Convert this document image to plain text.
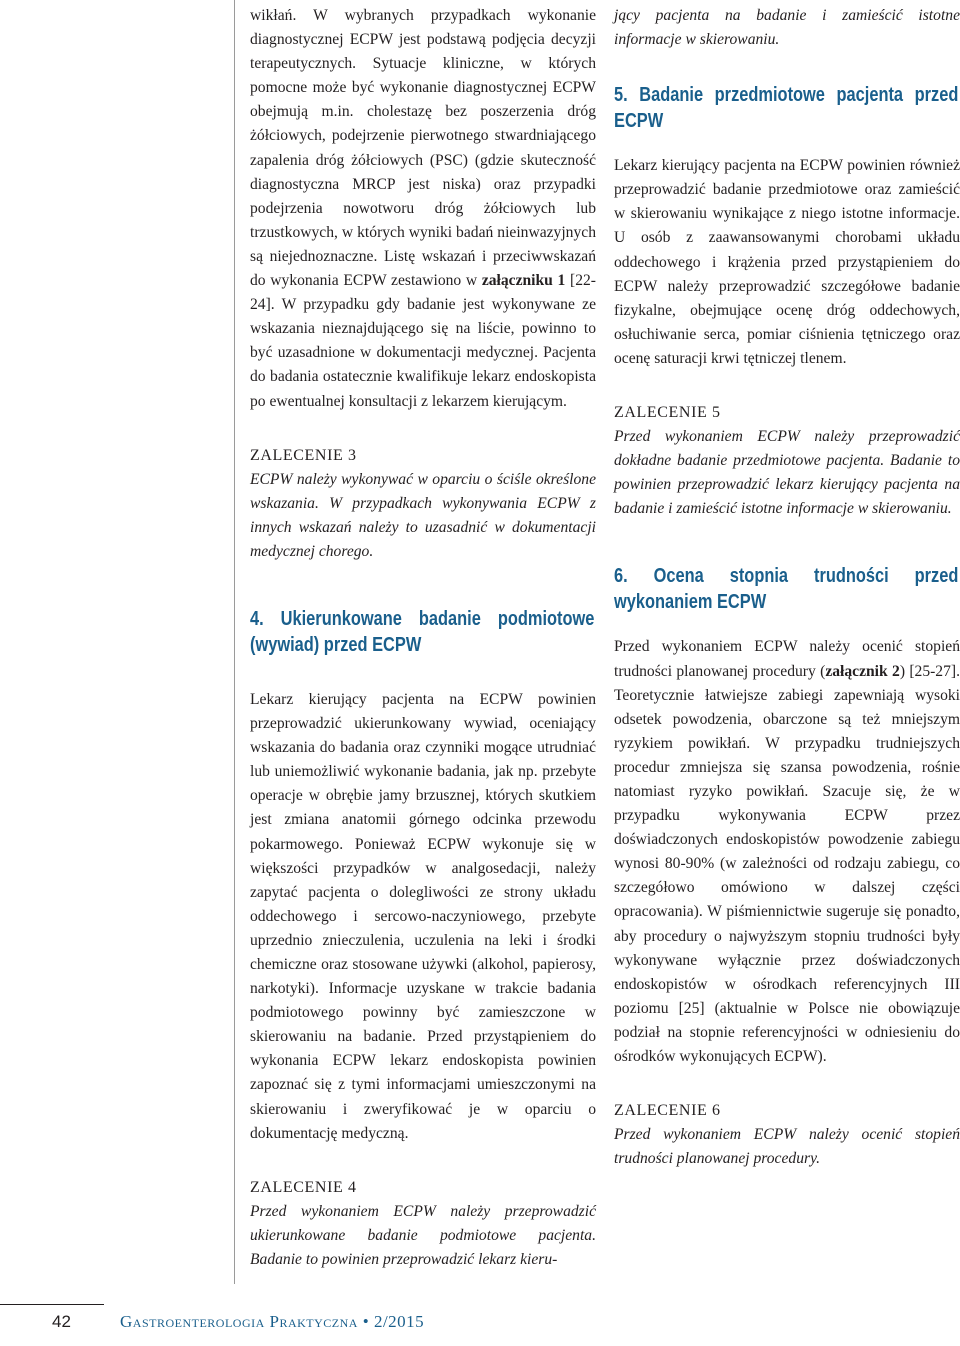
wikłań. W wybranych przypadkach wykonanie diagnostycznej ECPW jest podstawą podjęcia decyzji terapeutycznych. Sytuacje kliniczne, w których pomocne może być wykonanie diagnostycznej ECPW obejmują m.in. cholestazę bez poszerzenia dróg żółciowych, podejrzenie pierwotnego stwardniającego zapalenia dróg żółciowych (PSC) (gdzie skuteczność diagnostyczna MRCP jest niska) oraz przypadki podejrzenia nowotworu dróg żółciowych lub trzustkowych, w których wyniki badań nieinwazyjnych są niejednoznaczne. Listę wskazań i przeciwwskazań do wykonania ECPW zestawiono w załączniku 1 [22-24]. W przypadku gdy badanie jest wykonywane ze wskazania nieznajdującego się na liście, powinno to być uzasadnione w dokumentacji medycznej. Pacjenta do badania ostatecznie kwalifikuje lekarz endoskopista po ewentualnej konsultacji z lekarzem kierującym.

ZALECENIE 3

ECPW należy wykonywać w oparciu o ściśle określone wskazania. W przypadkach wykonywania ECPW z innych wskazań należy to uzasadnić w dokumentacji medycznej chorego.

4. Ukierunkowane badanie podmiotowe (wywiad) przed ECPW

Lekarz kierujący pacjenta na ECPW powinien przeprowadzić ukierunkowany wywiad, oceniający wskazania do badania oraz czynniki mogące utrudniać lub uniemożliwić wykonanie badania, jak np. przebyte operacje w obrębie jamy brzusznej, których skutkiem jest zmiana anatomii górnego odcinka przewodu pokarmowego. Ponieważ ECPW wykonuje się w większości przypadków w analgosedacji, należy zapytać pacjenta o dolegliwości ze strony układu oddechowego i sercowo-naczyniowego, przebyte uprzednio znieczulenia, uczulenia na leki i środki chemiczne oraz stosowane używki (alkohol, papierosy, narkotyki). Informacje uzyskane w trakcie badania podmiotowego powinny być zamieszczone w skierowaniu na badanie. Przed przystąpieniem do wykonania ECPW lekarz endoskopista powinien zapoznać się z tymi informacjami umieszczonymi na skierowaniu i zweryfikować je w oparciu o dokumentację medyczną.

ZALECENIE 4

Przed wykonaniem ECPW należy przeprowadzić ukierunkowane badanie podmiotowe pacjenta. Badanie to powinien przeprowadzić lekarz kieru-

jący pacjenta na badanie i zamieścić istotne informacje w skierowaniu.

5. Badanie przedmiotowe pacjenta przed ECPW

Lekarz kierujący pacjenta na ECPW powinien również przeprowadzić badanie przedmiotowe oraz zamieścić w skierowaniu wynikające z niego istotne informacje. U osób z zaawansowanymi chorobami układu oddechowego i krążenia przed przystąpieniem do ECPW należy przeprowadzić szczegółowe badanie fizykalne, obejmujące ocenę dróg oddechowych, osłuchiwanie serca, pomiar ciśnienia tętniczego oraz ocenę saturacji krwi tętniczej tlenem.

ZALECENIE 5

Przed wykonaniem ECPW należy przeprowadzić dokładne badanie przedmiotowe pacjenta. Badanie to powinien przeprowadzić lekarz kierujący pacjenta na badanie i zamieścić istotne informacje w skierowaniu.

6. Ocena stopnia trudności przed wykonaniem ECPW

Przed wykonaniem ECPW należy ocenić stopień trudności planowanej procedury (załącznik 2) [25-27]. Teoretycznie łatwiejsze zabiegi zapewniają wysoki odsetek powodzenia, obarczone są też mniejszym ryzykiem powikłań. W przypadku trudniejszych procedur zmniejsza się szansa powodzenia, rośnie natomiast ryzyko powikłań. Szacuje się, że w przypadku wykonywania ECPW przez doświadczonych endoskopistów powodzenie zabiegu wynosi 80-90% (w zależności od rodzaju zabiegu, co szczegółowo omówiono w dalszej części opracowania). W piśmiennictwie sugeruje się ponadto, aby procedury o najwyższym stopniu trudności były wykonywane wyłącznie przez doświadczonych endoskopistów w ośrodkach referencyjnych III poziomu [25] (aktualnie w Polsce nie obowiązuje podział na stopnie referencyjności w odniesieniu do ośrodków wykonujących ECPW).

ZALECENIE 6

Przed wykonaniem ECPW należy ocenić stopień trudności planowanej procedury.

42	Gastroenterologia Praktyczna • 2/2015
